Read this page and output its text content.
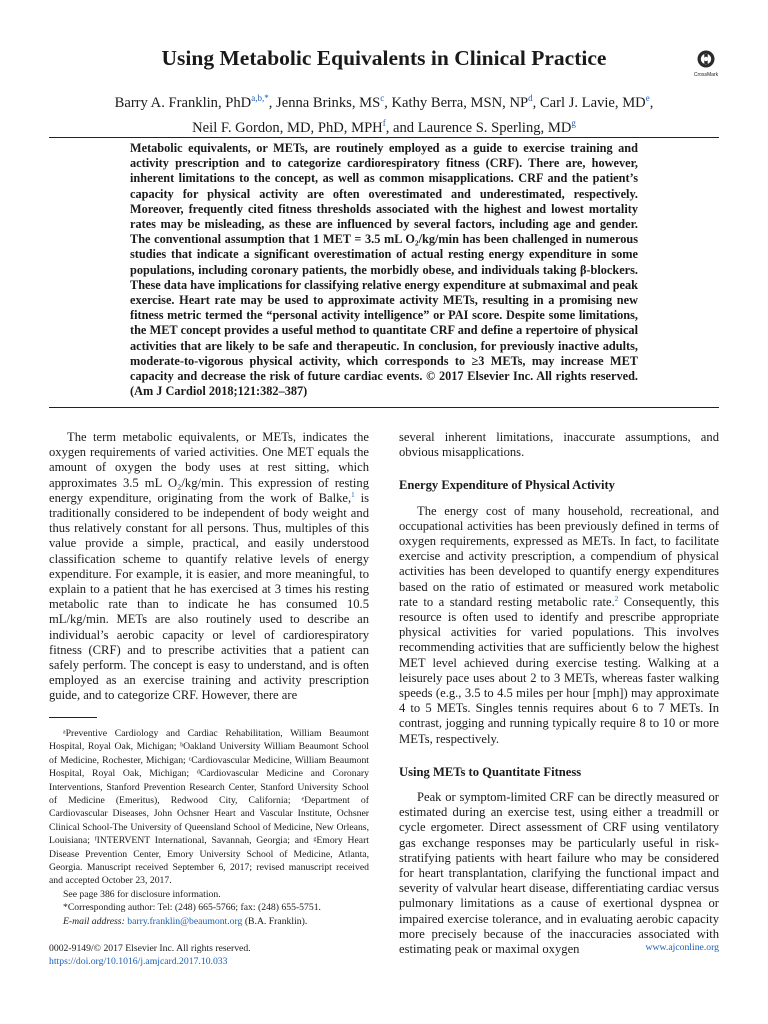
Using Metabolic Equivalents in Clinical Practice
CrossMark
Barry A. Franklin, PhD$^{a,b,*}$, Jenna Brinks, $MS^c$, Kathy Berra, MSN, $NP^d$, Carl J. Lavie, MDe,
Neil F. Gordon, MD, PhD, MPH$^f$, and Laurence S. Sperling, $MD^g$

Metabolic equivalents, or METs, are routinely employed as a guide to exercise training and activity prescription and to categorize cardiorespiratory fitness (CRF). There are, however, inherent limitations to the concept, as well as common misapplications. CRF and the patient’s capacity for physical activity are often overestimated and underestimated, respectively. Moreover, frequently cited fitness thresholds associated with the highest and lowest mortality rates may be misleading, as these are influenced by several factors, including age and gender. The conventional assumption that 1 MET = 3.5 mL O₂/kg/min has been challenged in numerous studies that indicate a significant overestimation of actual resting energy expenditure in some populations, including coronary patients, the morbidly obese, and individuals taking β-blockers. These data have implications for classifying relative energy expenditure at submaximal and peak exercise. Heart rate may be used to approximate activity METs, resulting in a promising new fitness metric termed the “personal activity intelligence” or PAI score. Despite some limitations, the MET concept provides a useful method to quantitate CRF and define a repertoire of physical activities that are likely to be safe and therapeutic. In conclusion, for previously inactive adults, moderate-to-vigorous physical activity, which corresponds to ≥3 METs, may increase MET capacity and decrease the risk of future cardiac events. © 2017 Elsevier Inc. All rights reserved. (Am J Cardiol 2018;121:382–387)

The term metabolic equivalents, or METs, indicates the oxygen requirements of varied activities. One MET equals the amount of oxygen the body uses at rest sitting, which approximates 3.5 mL O₂/kg/min. This expression of resting energy expenditure, originating from the work of Balke,$^1$ is traditionally considered to be independent of body weight and thus relatively constant for all persons. Thus, multiples of this value provide a simple, practical, and easily understood classification scheme to quantify relative levels of energy expenditure. For example, it is easier, and more meaningful, to explain to a patient that he has exercised at 3 times his resting metabolic rate than to indicate he has consumed 10.5 mL/kg/min. METs are also routinely used to describe an individual’s aerobic capacity or level of cardiorespiratory fitness (CRF) and to prescribe activities that a patient can safely perform. The concept is easy to understand, and is often employed as an exercise training and activity prescription guide, and to categorize CRF. However, there are

ᵃPreventive Cardiology and Cardiac Rehabilitation, William Beaumont Hospital, Royal Oak, Michigan; ᵇOakland University William Beaumont School of Medicine, Rochester, Michigan; ᶜCardiovascular Medicine, William Beaumont Hospital, Royal Oak, Michigan; ᵈCardiovascular Medicine and Coronary Interventions, Stanford Prevention Research Center, Stanford University School of Medicine (Emeritus), Redwood City, California; ᵉDepartment of Cardiovascular Diseases, John Ochsner Heart and Vascular Institute, Ochsner Clinical School-The University of Queensland School of Medicine, New Orleans, Louisiana; ᶠINTERVENT International, Savannah, Georgia; and ᵍEmory Heart Disease Prevention Center, Emory University School of Medicine, Atlanta, Georgia. Manuscript received September 6, 2017; revised manuscript received and accepted October 23, 2017.

See page 386 for disclosure information.

*Corresponding author: Tel: (248) 665-5766; fax: (248) 655-5751.

E-mail address: barry.franklin@beaumont.org (B.A. Franklin).

several inherent limitations, inaccurate assumptions, and obvious misapplications.

Energy Expenditure of Physical Activity

The energy cost of many household, recreational, and occupational activities has been previously defined in terms of oxygen requirements, expressed as METs. In fact, to facilitate exercise and activity prescription, a compendium of physical activities has been developed to quantify energy expenditures based on the ratio of estimated or measured work metabolic rate to a standard resting metabolic rate.$^2$ Consequently, this resource is often used to identify and prescribe appropriate physical activities for varied populations. This involves recommending activities that are sufficiently below the highest MET level achieved during exercise testing. Walking at a leisurely pace uses about 2 to 3 METs, whereas faster walking speeds (e.g., 3.5 to 4.5 miles per hour [mph]) may approximate 4 to 5 METs. Singles tennis requires about 6 to 7 METs. In contrast, jogging and running typically require 8 to 10 or more METs, respectively.

Using METs to Quantitate Fitness

Peak or symptom-limited CRF can be directly measured or estimated during an exercise test, using either a treadmill or cycle ergometer. Direct assessment of CRF using ventilatory gas exchange responses may be particularly useful in risk-stratifying patients with heart failure who may be considered for heart transplantation, clarifying the functional impact and severity of valvular heart disease, differentiating cardiac versus pulmonary limitations as a cause of exertional dyspnea or impaired exercise tolerance, and in evaluating aerobic capacity more precisely because of the inaccuracies associated with estimating peak or maximal oxygen

0002-9149/© 2017 Elsevier Inc. All rights reserved.
https://doi.org/10.1016/j.amjcard.2017.10.033
www.ajconline.org
